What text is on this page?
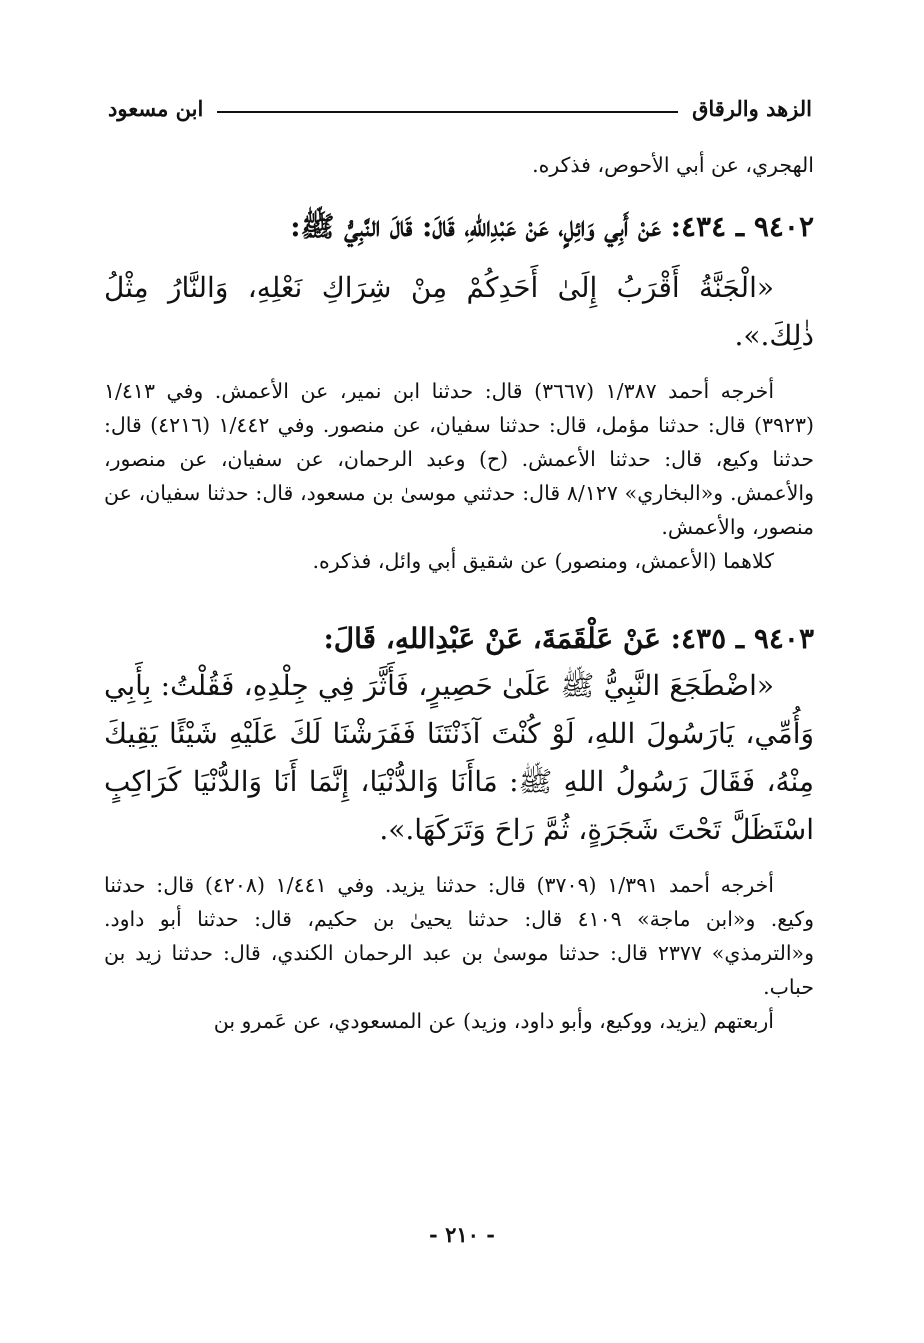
الزهد والرقاق
ابن مسعود

الهجري، عن أبي الأحوص، فذكره.

٩٤٠٢ ـ ٤٣٤: عَنْ أَبِي وَائِلٍ، عَنْ عَبْدِاللهِ، قَالَ: قَالَ النَّبِيُّ ﷺ:

«الْجَنَّةُ أَقْرَبُ إِلَىٰ أَحَدِكُمْ مِنْ شِرَاكِ نَعْلِهِ، وَالنَّارُ مِثْلُ ذٰلِكَ.».

أخرجه أحمد ١/٣٨٧ (٣٦٦٧) قال: حدثنا ابن نمير، عن الأعمش. وفي ١/٤١٣ (٣٩٢٣) قال: حدثنا مؤمل، قال: حدثنا سفيان، عن منصور. وفي ١/٤٤٢ (٤٢١٦) قال: حدثنا وكيع، قال: حدثنا الأعمش. (ح) وعبد الرحمان، عن سفيان، عن منصور، والأعمش. و«البخاري» ٨/١٢٧ قال: حدثني موسىٰ بن مسعود، قال: حدثنا سفيان، عن منصور، والأعمش.

كلاهما (الأعمش، ومنصور) عن شقيق أبي وائل، فذكره.

٩٤٠٣ ـ ٤٣٥: عَنْ عَلْقَمَةَ، عَنْ عَبْدِاللهِ، قَالَ:

«اضْطَجَعَ النَّبِيُّ ﷺ عَلَىٰ حَصِيرٍ، فَأَثَّرَ فِي جِلْدِهِ، فَقُلْتُ: بِأَبِي وَأُمِّي، يَارَسُولَ اللهِ، لَوْ كُنْتَ آذَنْتَنَا فَفَرَشْنَا لَكَ عَلَيْهِ شَيْئًا يَقِيكَ مِنْهُ، فَقَالَ رَسُولُ اللهِ ﷺ: مَاأَنَا وَالدُّنْيَا، إِنَّمَا أَنَا وَالدُّنْيَا كَرَاكِبٍ اسْتَظَلَّ تَحْتَ شَجَرَةٍ، ثُمَّ رَاحَ وَتَرَكَهَا.».

أخرجه أحمد ١/٣٩١ (٣٧٠٩) قال: حدثنا يزيد. وفي ١/٤٤١ (٤٢٠٨) قال: حدثنا وكيع. و«ابن ماجة» ٤١٠٩ قال: حدثنا يحيىٰ بن حكيم، قال: حدثنا أبو داود. و«الترمذي» ٢٣٧٧ قال: حدثنا موسىٰ بن عبد الرحمان الكندي، قال: حدثنا زيد بن حباب.

أربعتهم (يزيد، ووكيع، وأبو داود، وزيد) عن المسعودي، عن عَمرو بن

- ٢١٠ -
